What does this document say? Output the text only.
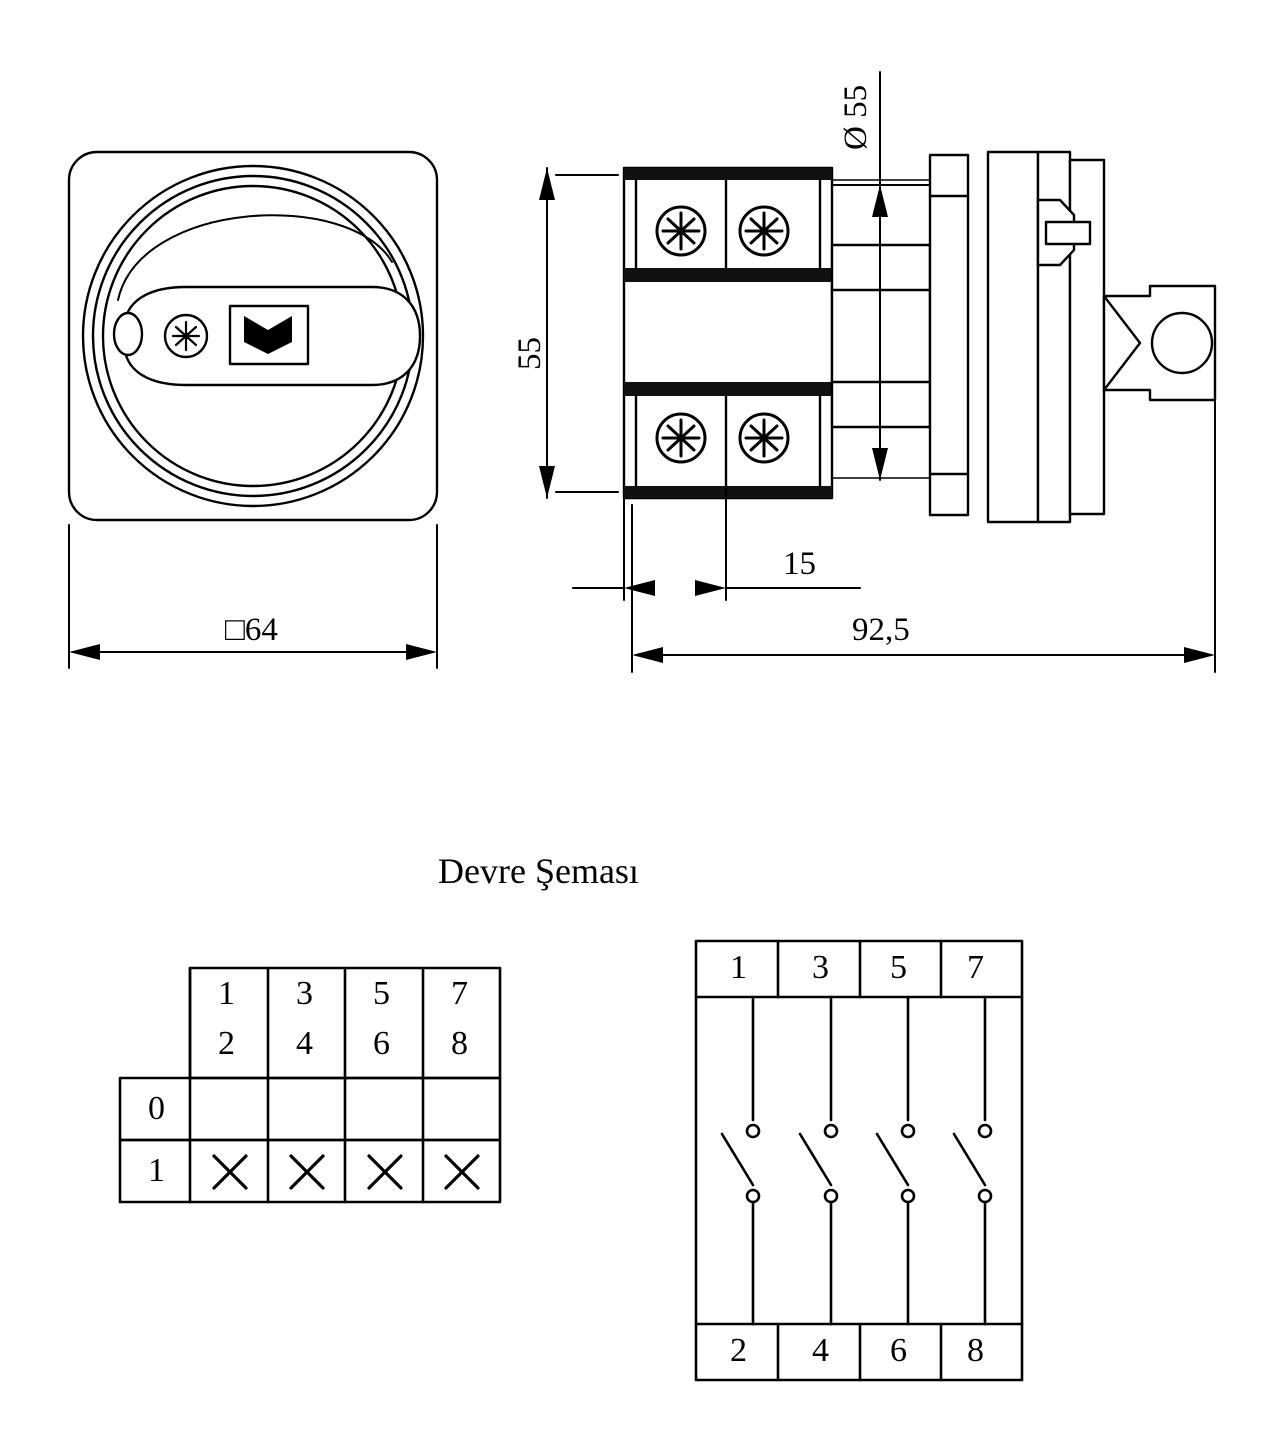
□64
55
Ø 55
15
92,5
Devre Şeması
1
2
3
4
5
6
7
8
0
1
1 3 5 7
2 4 6 8
